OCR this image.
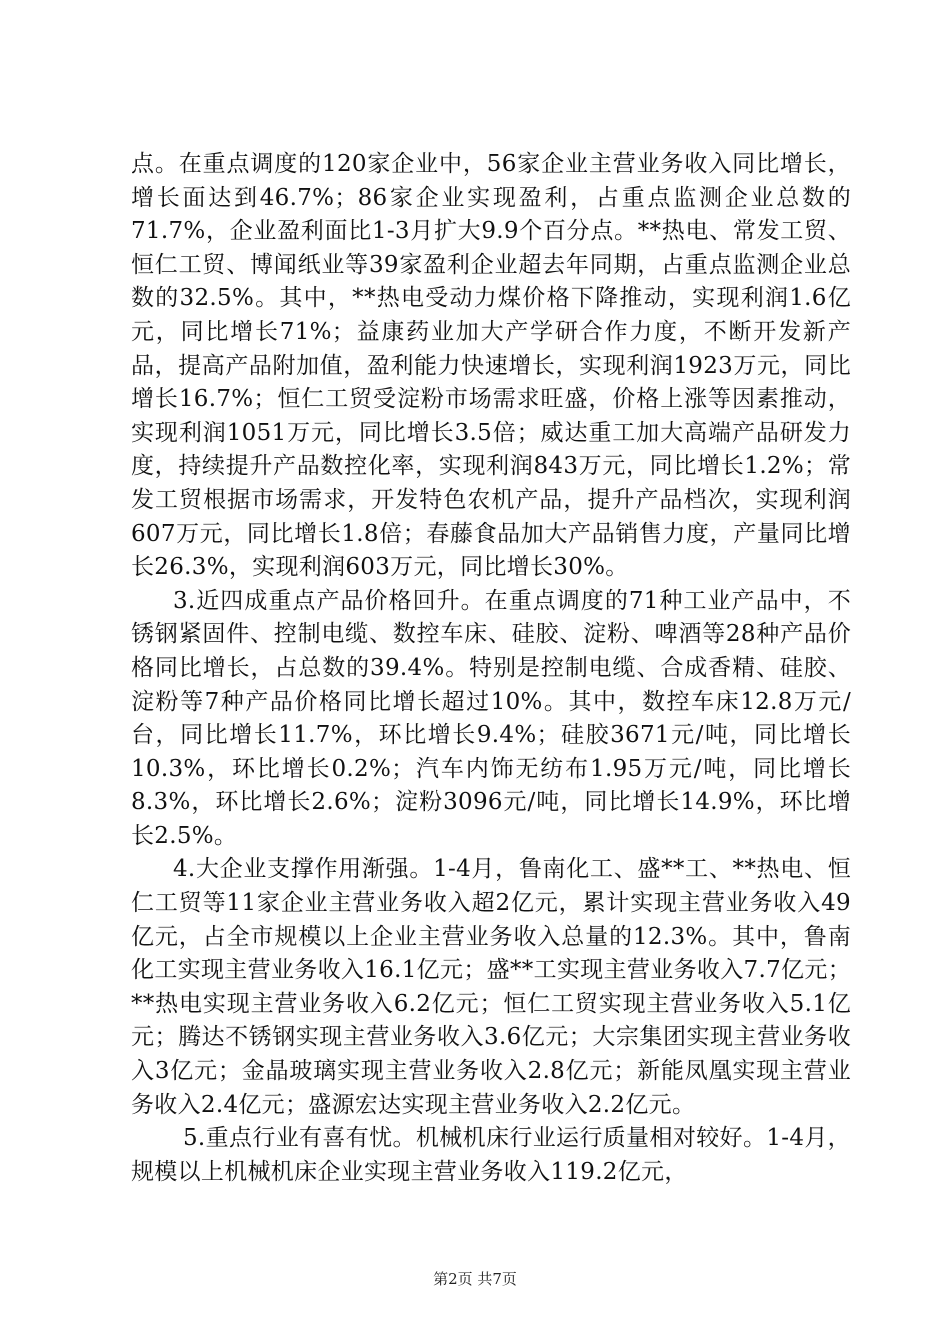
点。在重点调度的120家企业中，56家企业主营业务收入同比增长，增长面达到46.7%；86家企业实现盈利，占重点监测企业总数的71.7%，企业盈利面比1-3月扩大9.9个百分点。**热电、常发工贸、恒仁工贸、博闻纸业等39家盈利企业超去年同期，占重点监测企业总数的32.5%。其中，**热电受动力煤价格下降推动，实现利润1.6亿元，同比增长71%；益康药业加大产学研合作力度，不断开发新产品，提高产品附加值，盈利能力快速增长，实现利润1923万元，同比增长16.7%；恒仁工贸受淀粉市场需求旺盛，价格上涨等因素推动，实现利润1051万元，同比增长3.5倍；威达重工加大高端产品研发力度，持续提升产品数控化率，实现利润843万元，同比增长1.2%；常发工贸根据市场需求，开发特色农机产品，提升产品档次，实现利润607万元，同比增长1.8倍；春藤食品加大产品销售力度，产量同比增长26.3%，实现利润603万元，同比增长30%。

3.近四成重点产品价格回升。在重点调度的71种工业产品中，不锈钢紧固件、控制电缆、数控车床、硅胶、淀粉、啤酒等28种产品价格同比增长，占总数的39.4%。特别是控制电缆、合成香精、硅胶、淀粉等7种产品价格同比增长超过10%。其中，数控车床12.8万元/台，同比增长11.7%，环比增长9.4%；硅胶3671元/吨，同比增长10.3%，环比增长0.2%；汽车内饰无纺布1.95万元/吨，同比增长8.3%，环比增长2.6%；淀粉3096元/吨，同比增长14.9%，环比增长2.5%。

4.大企业支撑作用渐强。1-4月，鲁南化工、盛**工、**热电、恒仁工贸等11家企业主营业务收入超2亿元，累计实现主营业务收入49亿元，占全市规模以上企业主营业务收入总量的12.3%。其中，鲁南化工实现主营业务收入16.1亿元；盛**工实现主营业务收入7.7亿元；**热电实现主营业务收入6.2亿元；恒仁工贸实现主营业务收入5.1亿元；腾达不锈钢实现主营业务收入3.6亿元；大宗集团实现主营业务收入3亿元；金晶玻璃实现主营业务收入2.8亿元；新能凤凰实现主营业务收入2.4亿元；盛源宏达实现主营业务收入2.2亿元。

5.重点行业有喜有忧。机械机床行业运行质量相对较好。1-4月，规模以上机械机床企业实现主营业务收入119.2亿元，

第2页 共7页
